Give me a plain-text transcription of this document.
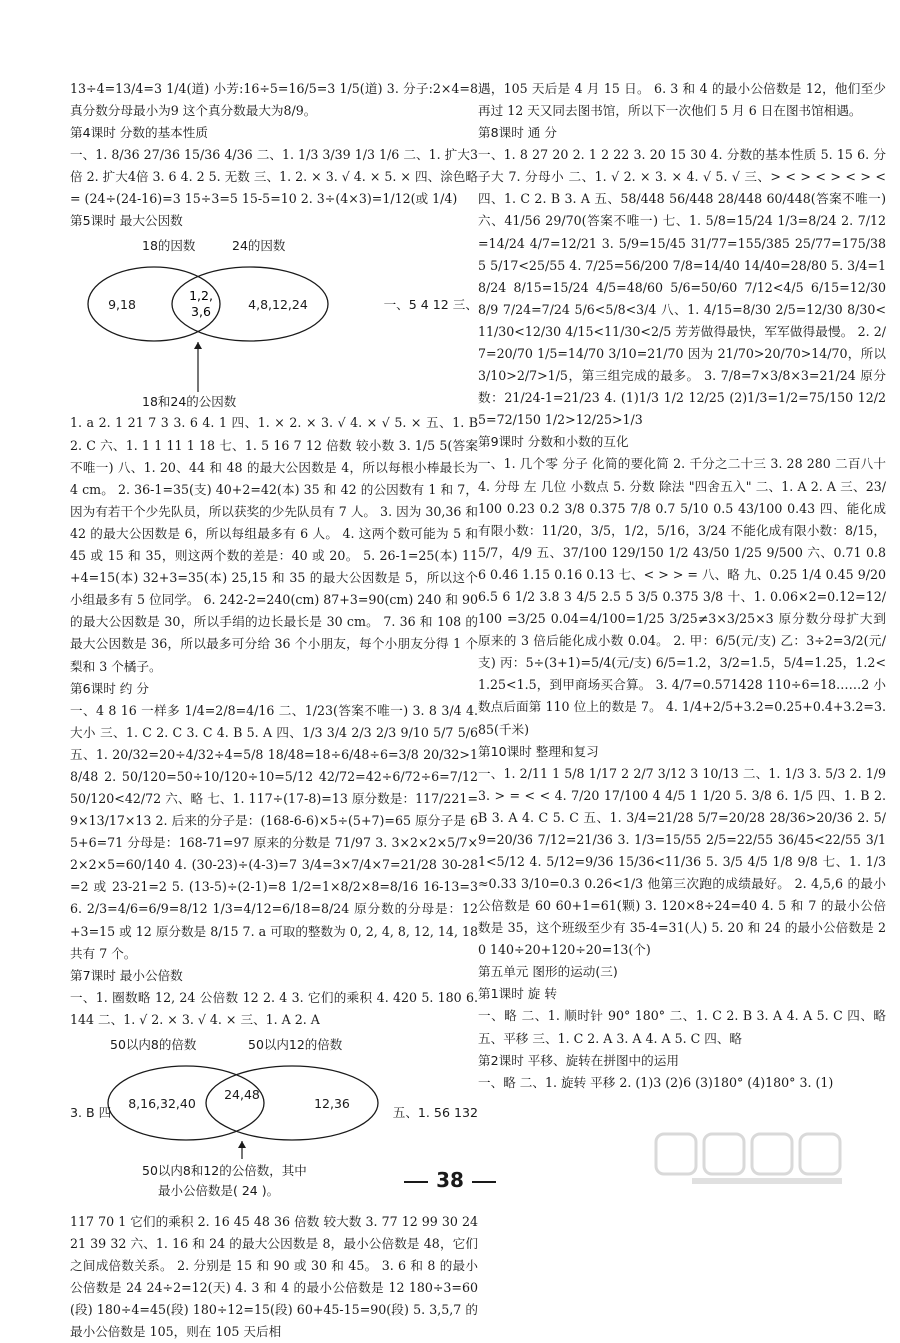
13÷4=13/4=3 1/4(道) 小芳:16÷5=16/5=3 1/5(道) 3. 分子:2×4=8 真分数分母最小为9 这个真分数最大为8/9。

第4课时 分数的基本性质

一、1. 8/36 27/36 15/36 4/36 二、1. 1/3 3/39 1/3 1/6 二、1. 扩大3倍 2. 扩大4倍 3. 6 4. 2 5. 无数 三、1. 2. × 3. √ 4. × 5. × 四、涂色略 = (24÷(24-16)=3 15÷3=5 15-5=10 2. 3÷(4×3)=1/12(或 1/4)

第5课时 最大公因数

18的因数	24的因数
9,18
1,2, 3,6	4,8,12,24
18和24的公因数
一、5 4 12 三、

1. a 2. 1 21 7 3 3. 6 4. 1 四、1. × 2. × 3. √ 4. × √ 5. × 五、1. B 2. C 六、1. 1 1 11 1 18 七、1. 5 16 7 12 倍数 较小数 3. 1/5 5(答案不唯一) 八、1. 20、44 和 48 的最大公因数是 4，所以每根小棒最长为 4 cm。 2. 36-1=35(支) 40+2=42(本) 35 和 42 的公因数有 1 和 7，因为有若干个少先队员，所以获奖的少先队员有 7 人。 3. 因为 30,36 和 42 的最大公因数是 6，所以每组最多有 6 人。 4. 这两个数可能为 5 和 45 或 15 和 35，则这两个数的差是：40 或 20。 5. 26-1=25(本) 11+4=15(本) 32+3=35(本) 25,15 和 35 的最大公因数是 5，所以这个小组最多有 5 位同学。 6. 242-2=240(cm) 87+3=90(cm) 240 和 90 的最大公因数是 30，所以手绢的边长最长是 30 cm。 7. 36 和 108 的最大公因数是 36，所以最多可分给 36 个小朋友，每个小朋友分得 1 个梨和 3 个橘子。

第6课时 约 分

一、4 8 16 一样多 1/4=2/8=4/16 二、1/23(答案不唯一) 3. 8 3/4 4. 大小 三、1. C 2. C 3. C 4. B 5. A 四、1/3 3/4 2/3 2/3 9/10 5/7 5/6 五、1. 20/32=20÷4/32÷4=5/8 18/48=18÷6/48÷6=3/8 20/32>18/48 2. 50/120=50÷10/120÷10=5/12 42/72=42÷6/72÷6=7/12 50/120<42/72 六、略 七、1. 117÷(17-8)=13 原分数是：117/221=9×13/17×13 2. 后来的分子是：(168-6-6)×5÷(5+7)=65 原分子是 65+6=71 分母是：168-71=97 原来的分数是 71/97 3. 3×2×2×5/7×2×2×5=60/140 4. (30-23)÷(4-3)=7 3/4=3×7/4×7=21/28 30-28=2 或 23-21=2 5. (13-5)÷(2-1)=8 1/2=1×8/2×8=8/16 16-13=3 6. 2/3=4/6=6/9=8/12 1/3=4/12=6/18=8/24 原分数的分母是：12+3=15 或 12 原分数是 8/15 7. a 可取的整数为 0, 2, 4, 8, 12, 14, 18 共有 7 个。

第7课时 最小公倍数

一、1. 圈数略 12, 24 公倍数 12 2. 4 3. 它们的乘积 4. 420 5. 180 6. 144 二、1. √ 2. × 3. √ 4. × 三、1. A 2. A

50以内8的倍数	50以内12的倍数
8,16,32,40
24,48
12,36
50以内8和12的公倍数，其中
最小公倍数是( 24 )。
3. B 四、	五、1. 56 132

117 70 1 它们的乘积 2. 16 45 48 36 倍数 较大数 3. 77 12 99 30 24 21 39 32 六、1. 16 和 24 的最大公因数是 8，最小公倍数是 48，它们之间成倍数关系。 2. 分别是 15 和 90 或 30 和 45。 3. 6 和 8 的最小公倍数是 24 24÷2=12(天) 4. 3 和 4 的最小公倍数是 12 180÷3=60(段) 180÷4=45(段) 180÷12=15(段) 60+45-15=90(段) 5. 3,5,7 的最小公倍数是 105，则在 105 天后相

遇，105 天后是 4 月 15 日。 6. 3 和 4 的最小公倍数是 12，他们至少再过 12 天又同去图书馆，所以下一次他们 5 月 6 日在图书馆相遇。

第8课时 通 分

一、1. 8 27 20 2. 1 2 22 3. 20 15 30 4. 分数的基本性质 5. 15 6. 分子大 7. 分母小 二、1. √ 2. × 3. × 4. √ 5. √ 三、> < > < > < > < 四、1. C 2. B 3. A 五、58/448 56/448 28/448 60/448(答案不唯一) 六、41/56 29/70(答案不唯一) 七、1. 5/8=15/24 1/3=8/24 2. 7/12=14/24 4/7=12/21 3. 5/9=15/45 31/77=155/385 25/77=175/385 5/17<25/55 4. 7/25=56/200 7/8=14/40 14/40=28/80 5. 3/4=18/24 8/15=15/24 4/5=48/60 5/6=50/60 7/12<4/5 6/15=12/30 8/9 7/24=7/24 5/6<5/8<3/4 八、1. 4/15=8/30 2/5=12/30 8/30<11/30<12/30 4/15<11/30<2/5 芳芳做得最快，军军做得最慢。 2. 2/7=20/70 1/5=14/70 3/10=21/70 因为 21/70>20/70>14/70，所以 3/10>2/7>1/5，第三组完成的最多。 3. 7/8=7×3/8×3=21/24 原分数：21/24-1=21/23 4. (1)1/3 1/2 12/25 (2)1/3=1/2=75/150 12/25=72/150 1/2>12/25>1/3

第9课时 分数和小数的互化

一、1. 几个零 分子 化简的要化简 2. 千分之二十三 3. 28 280 二百八十 4. 分母 左 几位 小数点 5. 分数 除法 "四舍五入" 二、1. A 2. A 三、23/100 0.23 0.2 3/8 0.375 7/8 0.7 5/10 0.5 43/100 0.43 四、能化成有限小数：11/20，3/5，1/2，5/16，3/24 不能化成有限小数：8/15，5/7，4/9 五、37/100 129/150 1/2 43/50 1/25 9/500 六、0.71 0.86 0.46 1.15 0.16 0.13 七、< > > = 八、略 九、0.25 1/4 0.45 9/20 6.5 6 1/2 3.8 3 4/5 2.5 5 3/5 0.375 3/8 十、1. 0.06×2=0.12=12/100 =3/25 0.04=4/100=1/25 3/25≠3×3/25×3 原分数分母扩大到原来的 3 倍后能化成小数 0.04。 2. 甲：6/5(元/支) 乙：3÷2=3/2(元/支) 丙：5÷(3+1)=5/4(元/支) 6/5=1.2，3/2=1.5，5/4=1.25，1.2<1.25<1.5，到甲商场买合算。 3. 4/7=0.571428 110÷6=18……2 小数点后面第 110 位上的数是 7。 4. 1/4+2/5+3.2=0.25+0.4+3.2=3.85(千米)

第10课时 整理和复习

一、1. 2/11 1 5/8 1/17 2 2/7 3/12 3 10/13 二、1. 1/3 3. 5/3 2. 1/9 3. > = < < 4. 7/20 17/100 4 4/5 1 1/20 5. 3/8 6. 1/5 四、1. B 2. B 3. A 4. C 5. C 五、1. 3/4=21/28 5/7=20/28 28/36>20/36 2. 5/9=20/36 7/12=21/36 3. 1/3=15/55 2/5=22/55 36/45<22/55 3/11<5/12 4. 5/12=9/36 15/36<11/36 5. 3/5 4/5 1/8 9/8 七、1. 1/3≈0.33 3/10=0.3 0.26<1/3 他第三次跑的成绩最好。 2. 4,5,6 的最小公倍数是 60 60+1=61(颗) 3. 120×8÷24=40 4. 5 和 7 的最小公倍数是 35，这个班级至少有 35-4=31(人) 5. 20 和 24 的最小公倍数是 20 140÷20+120÷20=13(个)

第五单元 图形的运动(三)

第1课时 旋 转

一、略 二、1. 顺时针 90° 180° 二、1. C 2. B 3. A 4. A 5. C 四、略 五、平移 三、1. C 2. A 3. A 4. A 5. C 四、略

第2课时 平移、旋转在拼图中的运用

一、略 二、1. 旋转 平移 2. (1)3 (2)6 (3)180° (4)180° 3. (1)

38
